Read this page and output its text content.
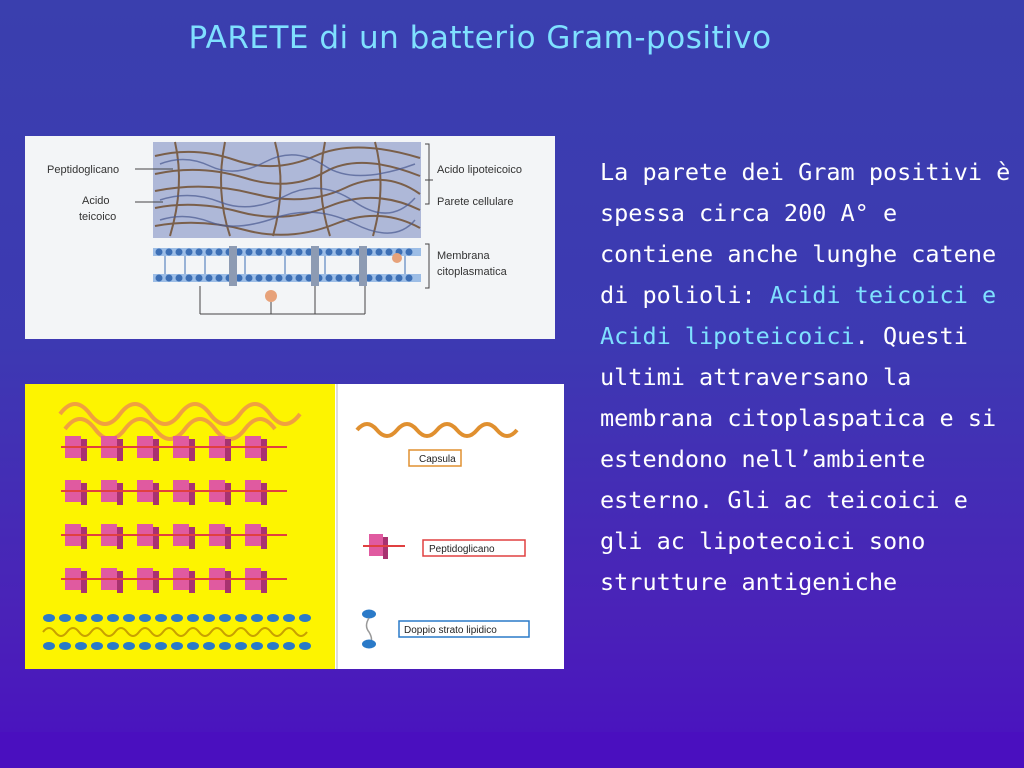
PARETE di un batterio Gram-positivo
Peptidoglicano
Acido
teicoico
Acido lipoteicoico
Parete cellulare
Membrana
citoplasmatica
Capsula
Peptidoglicano
Doppio strato lipidico
La parete dei Gram positivi è spessa circa 200 A° e contiene anche lunghe catene di polioli: Acidi teicoici e Acidi lipoteicoici. Questi ultimi attraversano la membrana citoplaspatica e si estendono nell’ambiente esterno. Gli ac teicoici e gli ac lipotecoici sono strutture antigeniche
